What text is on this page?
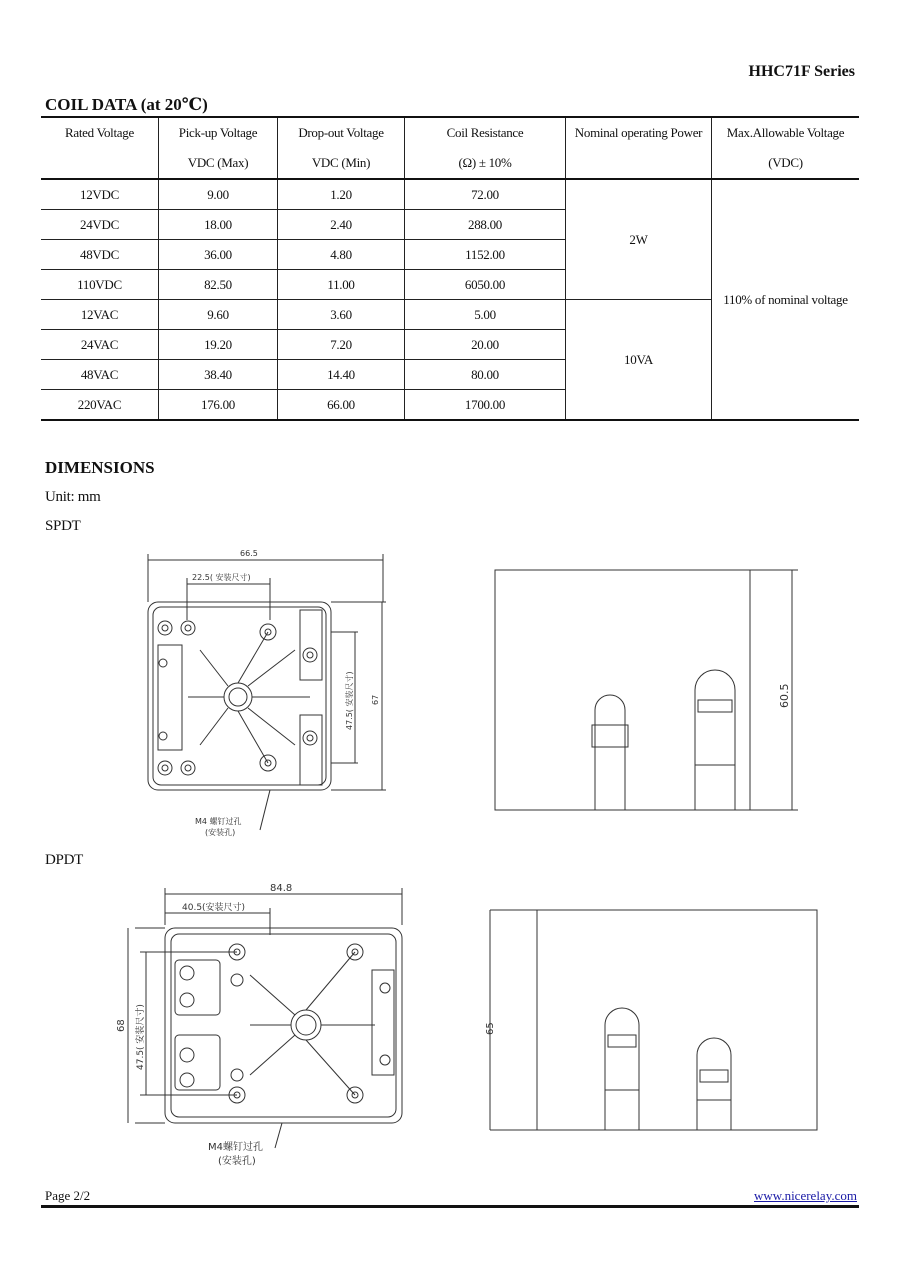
HHC71F Series
COIL DATA (at 20℃)
Rated Voltage	Pick-up Voltage	Drop-out Voltage	Coil Resistance	Nominal operating Power	Max.Allowable Voltage
	VDC (Max)	VDC (Min)	(Ω) ± 10%		(VDC)
12VDC	9.00	1.20	72.00	2W	110% of nominal voltage
24VDC	18.00	2.40	288.00		
48VDC	36.00	4.80	1152.00		
110VDC	82.50	11.00	6050.00		
12VAC	9.60	3.60	5.00	10VA	
24VAC	19.20	7.20	20.00		
48VAC	38.40	14.40	80.00		
220VAC	176.00	66.00	1700.00		
DIMENSIONS
Unit: mm
SPDT
66.5
22.5( 安装尺寸)
47.5( 安装尺寸) 67
M4 螺钉过孔
(安装孔)
60.5
DPDT
84.8
40.5(安装尺寸)
68 47.5( 安装尺寸)
M4螺钉过孔
(安装孔)
65
Page 2/2	www.nicerelay.com
